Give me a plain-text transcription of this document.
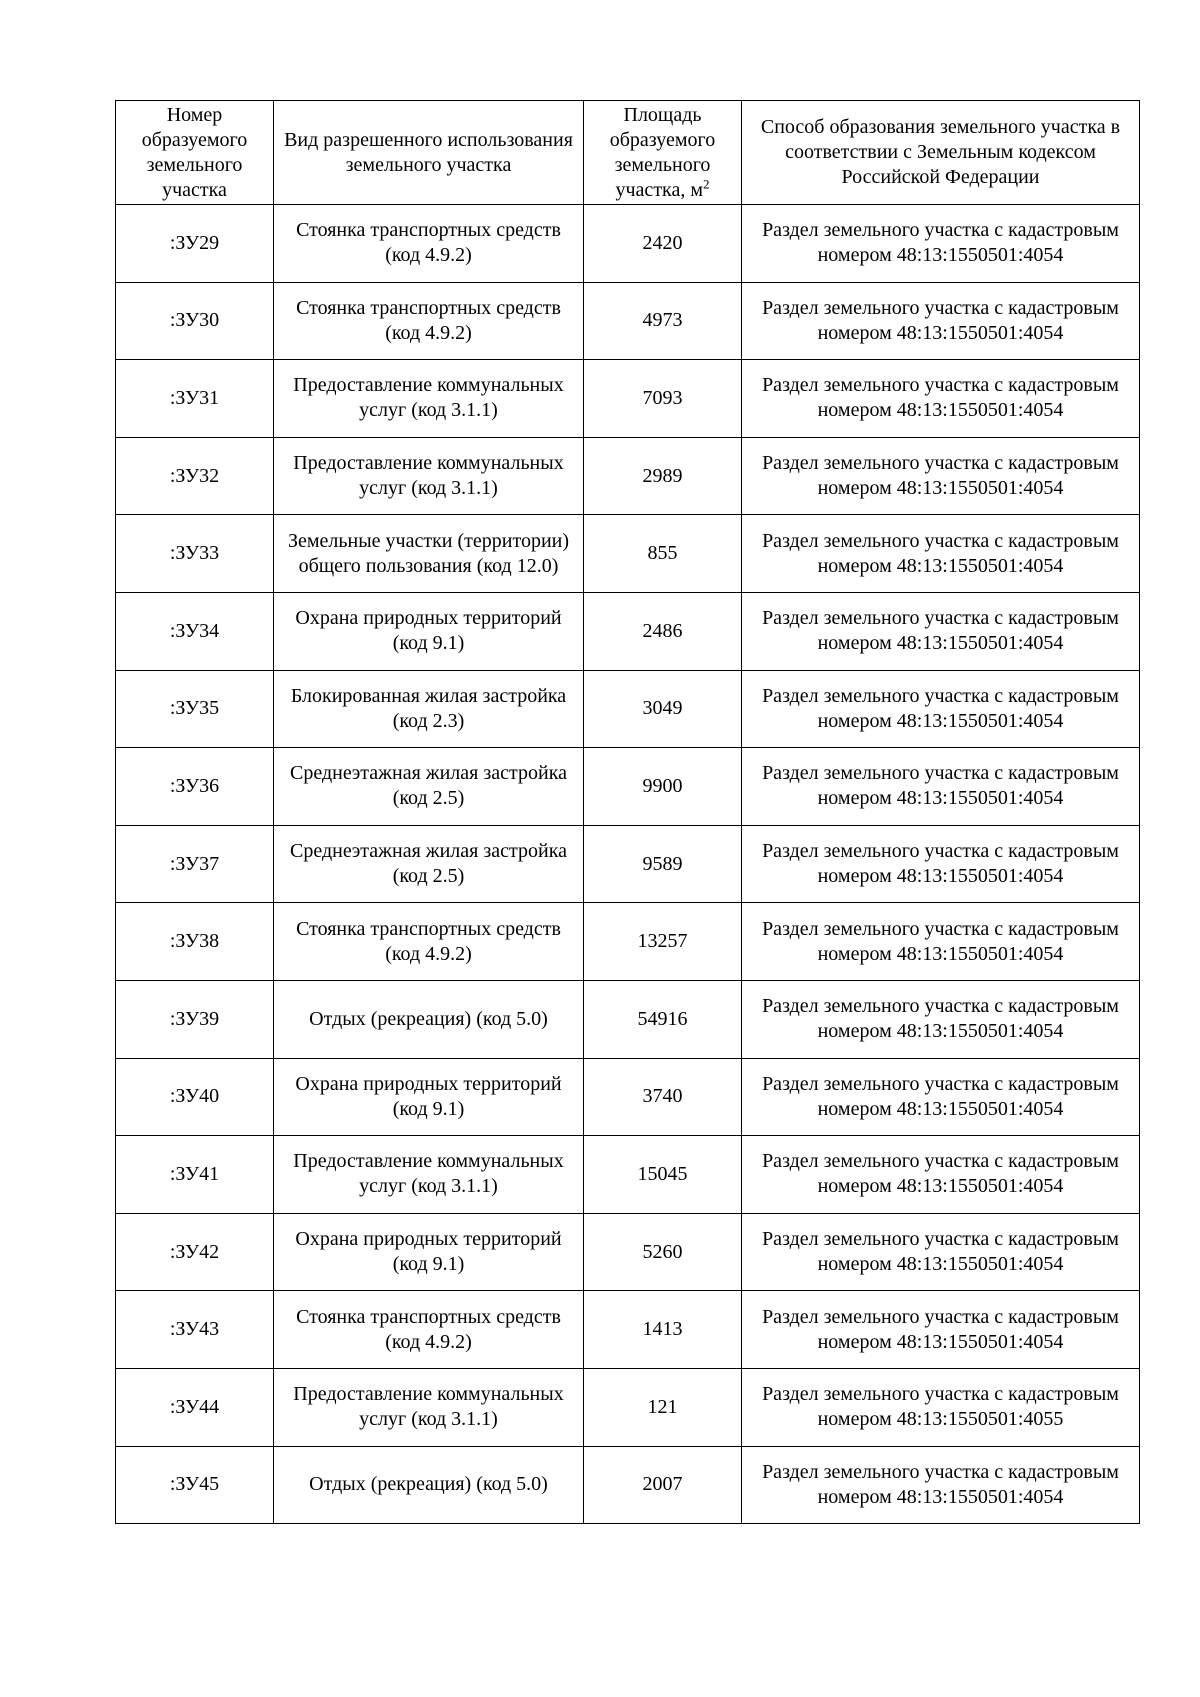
Номер образуемого земельного участка	Вид разрешенного использования земельного участка	Площадь образуемого земельного участка, $м^2$	Способ образования земельного участка в соответствии с Земельным кодексом Российской Федерации
:ЗУ29	Стоянка транспортных средств (код 4.9.2)	2420	Раздел земельного участка с кадастровым номером 48:13:1550501:4054
:ЗУ30	Стоянка транспортных средств (код 4.9.2)	4973	Раздел земельного участка с кадастровым номером 48:13:1550501:4054
:ЗУ31	Предоставление коммунальных услуг (код 3.1.1)	7093	Раздел земельного участка с кадастровым номером 48:13:1550501:4054
:ЗУ32	Предоставление коммунальных услуг (код 3.1.1)	2989	Раздел земельного участка с кадастровым номером 48:13:1550501:4054
:ЗУ33	Земельные участки (территории) общего пользования (код 12.0)	855	Раздел земельного участка с кадастровым номером 48:13:1550501:4054
:ЗУ34	Охрана природных территорий (код 9.1)	2486	Раздел земельного участка с кадастровым номером 48:13:1550501:4054
:ЗУ35	Блокированная жилая застройка (код 2.3)	3049	Раздел земельного участка с кадастровым номером 48:13:1550501:4054
:ЗУ36	Среднеэтажная жилая застройка (код 2.5)	9900	Раздел земельного участка с кадастровым номером 48:13:1550501:4054
:ЗУ37	Среднеэтажная жилая застройка (код 2.5)	9589	Раздел земельного участка с кадастровым номером 48:13:1550501:4054
:ЗУ38	Стоянка транспортных средств (код 4.9.2)	13257	Раздел земельного участка с кадастровым номером 48:13:1550501:4054
:ЗУ39	Отдых (рекреация) (код 5.0)	54916	Раздел земельного участка с кадастровым номером 48:13:1550501:4054
:ЗУ40	Охрана природных территорий (код 9.1)	3740	Раздел земельного участка с кадастровым номером 48:13:1550501:4054
:ЗУ41	Предоставление коммунальных услуг (код 3.1.1)	15045	Раздел земельного участка с кадастровым номером 48:13:1550501:4054
:ЗУ42	Охрана природных территорий (код 9.1)	5260	Раздел земельного участка с кадастровым номером 48:13:1550501:4054
:ЗУ43	Стоянка транспортных средств (код 4.9.2)	1413	Раздел земельного участка с кадастровым номером 48:13:1550501:4054
:ЗУ44	Предоставление коммунальных услуг (код 3.1.1)	121	Раздел земельного участка с кадастровым номером 48:13:1550501:4055
:ЗУ45	Отдых (рекреация) (код 5.0)	2007	Раздел земельного участка с кадастровым номером 48:13:1550501:4054
